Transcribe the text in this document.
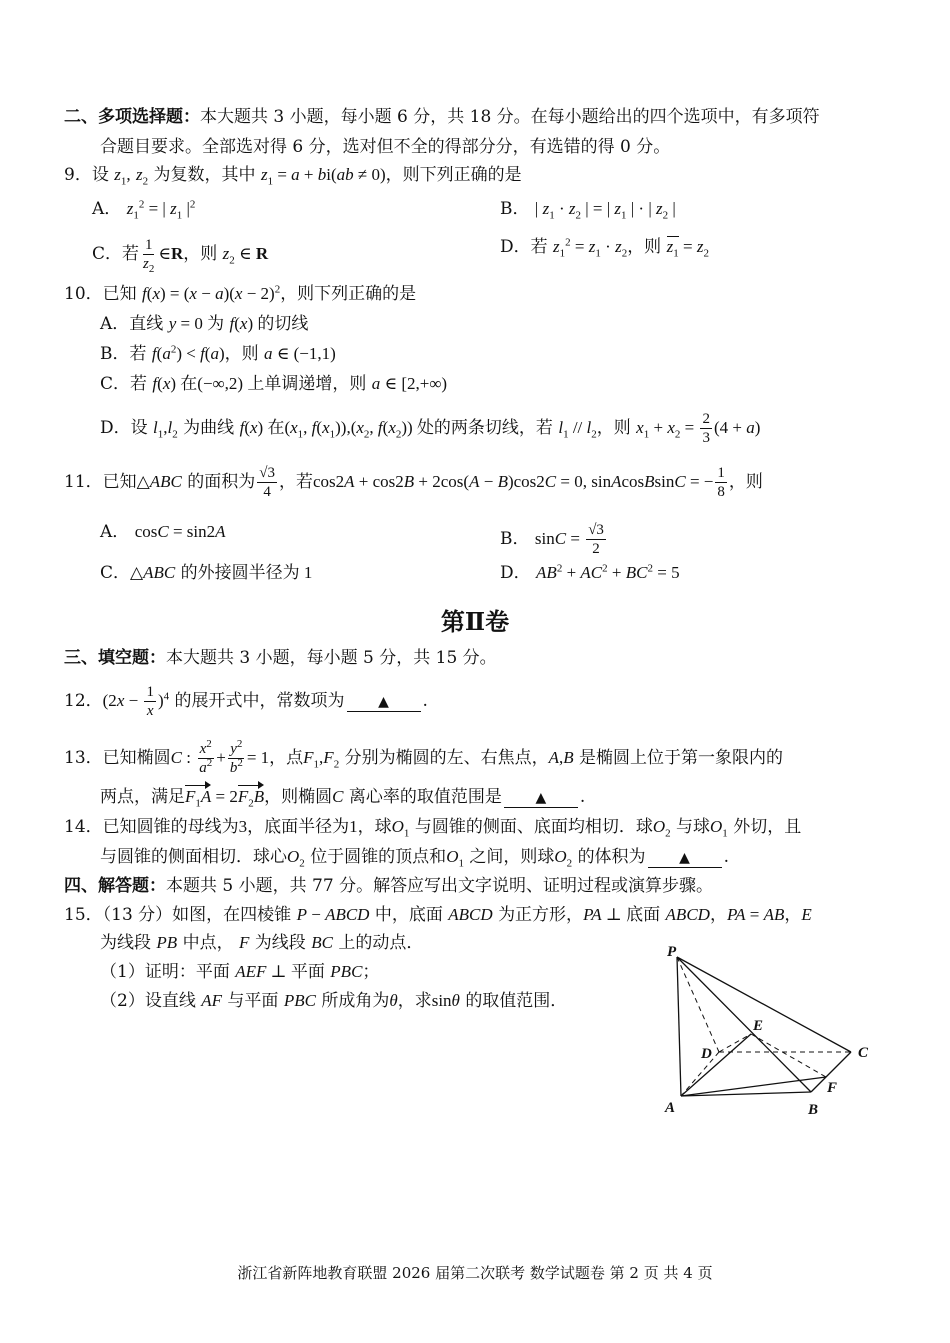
二、多项选择题：本大题共 3 小题，每小题 6 分，共 18 分。在每小题给出的四个选项中，有多项符
合题目要求。全部选对得 6 分，选对但不全的得部分分，有选错的得 0 分。
9．设 $z_1$, $z_2$ 为复数，其中 $z_1 = a + bi(ab \ne 0)$，则下列正确的是
A． $z_1^2$ = | $z_1$ $|^2$	B． | $z_1 \cdot z_2$ | = | $z_1$ | · | $z_2$ |
C．若 $\frac{1}{z_2}$ ∈R，则 $z_2$ ∈ R	D．若 $z_1^2 = z_1 \cdot z_2$，则 $z_1 = z_2$
10．已知 $f(x) = (x - a)(x - 2)^2$，则下列正确的是
A．直线 y = 0 为 f(x) 的切线
B．若 $f(a^2) < f(a)$，则 a ∈ (−1,1)
C．若 f(x) 在(−∞,2) 上单调递增，则 a ∈ [2,+∞)
D．设 $l_1,l_2$ 为曲线 f(x) 在($x_1$, $f(x_1)),(x_2$, $f(x_2)$) 处的两条切线，若 $l_1 // l_2$，则 $x_1 + x_2 = \frac{2}{3} (4 + a)$
11．已知△ABC 的面积为 $\frac{√3}{4}$ ，若cos2A + cos2B + 2cos(A − B)cos2C = 0, sinAcosBsinC = − $\frac{1}{8}$ ，则
A． cosC = sin2A	B． $\sin C = \frac{√3}{2}$
C．△ABC 的外接圆半径为 1	D． $AB^2 + AC^2 + BC^2 = 5$
第Ⅱ卷
三、填空题：本大题共 3 小题，每小题 5 分，共 15 分。
12．$(2x - \frac{1}{x} )^4$ 的展开式中，常数项为 ▲ .
13．已知椭圆C : $\frac{x^2}{a^2} + \frac{y^2}{b^2} = 1$，点$F_1,F_2$ 分别为椭圆的左、右焦点，A,B 是椭圆上位于第一象限内的
两点，满足$F_1A = 2F_2B$，则椭圆C 离心率的取值范围是 ▲ .
14．已知圆锥的母线为3，底面半径为1，球$O_1$ 与圆锥的侧面、底面均相切．球$O_2$ 与球$O_1$ 外切，且
与圆锥的侧面相切．球心$O_2$ 位于圆锥的顶点和$O_1$ 之间，则球$O_2$ 的体积为 ▲ .
四、解答题：本题共 5 小题，共 77 分。解答应写出文字说明、证明过程或演算步骤。
15．（13 分）如图，在四棱锥 P − ABCD 中，底面 ABCD 为正方形，PA ⊥ 底面 ABCD，PA = AB，E
为线段 PB 中点， F 为线段 BC 上的动点．
（1）证明：平面 AEF ⊥ 平面 PBC；
（2）设直线 AF 与平面 PBC 所成角为θ，求sinθ 的取值范围．
P
E
D	C
F
A	B
浙江省新阵地教育联盟 2026 届第二次联考 数学试题卷 第 2 页 共 4 页
